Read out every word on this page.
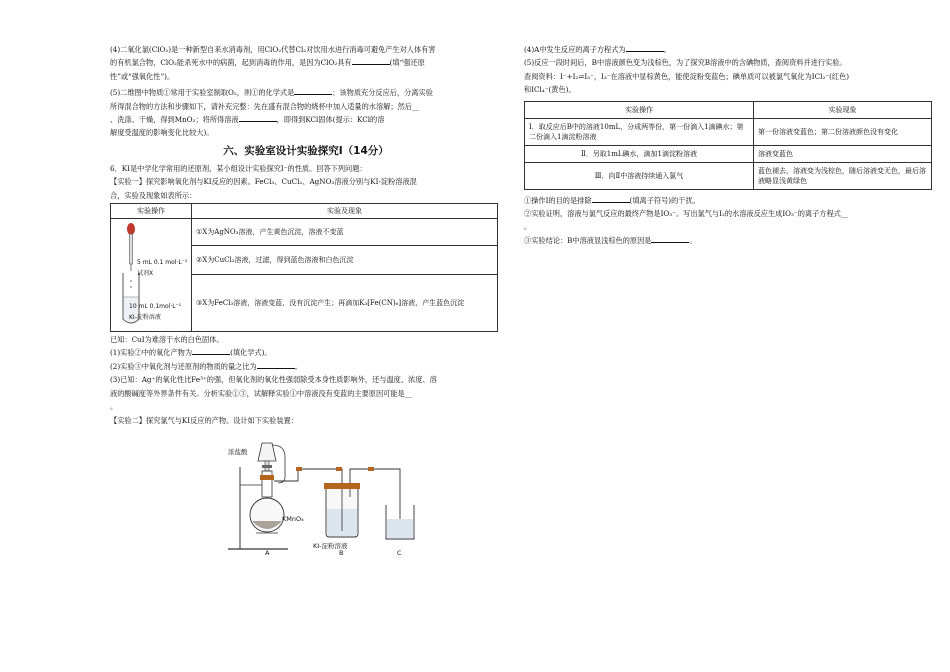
(4)二氧化氯(ClO₂)是一种新型自来水消毒剂，用ClO₂代替Cl₂对饮用水进行消毒可避免产生对人体有害

的有机氯合物，ClO₂能杀死水中的病菌，起到消毒的作用，是因为ClO₂具有	(填“强还原

性”或“强氧化性”)。

(5)二维图中物质①常用于实验室制取O₂，则①的化学式是	；该物质充分反应后，分离实验

所得混合物的方法和步骤如下，请补充完整：先在盛有混合物的烧杯中加入适量的水溶解；然后__

、洗涤、干燥，得到MnO₂；将所得溶液	，即得到KCl固体(提示：KCl的溶

解度受温度的影响变化比较大)。

六、实验室设计实验探究Ⅰ（14分）

6．KI是中学化学常用的还原剂，某小组设计实验探究I⁻的性质。回答下列问题：

【实验一】探究影响氧化剂与KI反应的因素。FeCl₃、CuCl₂、AgNO₃溶液分别与KI-淀粉溶液混

合，实验及现象如表所示：

实验操作	实验及现象

5 mL 0.1 mol·L⁻¹
试剂X
10 mL 0.1mol·L⁻¹
KI-淀粉溶液	①X为AgNO₃溶液，产生黄色沉淀，溶液不变蓝
	②X为CuCl₂溶液，过滤，得到蓝色溶液和白色沉淀
	③X为FeCl₃溶液，溶液变蓝，没有沉淀产生；再滴加K₃[Fe(CN)₆]溶液，产生蓝色沉淀

已知：CuI为难溶于水的白色固体。

(1)实验②中的氧化产物为	(填化学式)。

(2)实验③中氧化剂与还原剂的物质的量之比为	。

(3)已知：Ag⁺的氧化性比Fe³⁺的强，但氧化剂的氧化性强弱除受本身性质影响外，还与温度、浓度、溶

液的酸碱度等外界条件有关。分析实验①③，试解释实验①中溶液没有变蓝的主要原因可能是__

。

【实验二】探究氯气与KI反应的产物。设计如下实验装置：

浓盐酸
KMnO₄
KI-淀粉溶液
A	B	C

(4)A中发生反应的离子方程式为	。

(5)反应一段时间后，B中溶液颜色变为浅棕色，为了探究B溶液中的含碘物质，查阅资料并进行实验。

查阅资料：I⁻+I₂⇌I₃⁻，I₃⁻在溶液中显棕黄色，能使淀粉变蓝色；碘单质可以被氯气氧化为ICl₂⁻(红色)

和ICl₄⁻(黄色)。

实验操作	实验现象
Ⅰ．取反应后B中的溶液10mL，分成两等份，第一份滴入1滴碘水；第二份滴入1滴淀粉溶液	第一份溶液变蓝色；第二份溶液颜色没有变化
Ⅱ．另取1mL碘水，滴加1滴淀粉溶液	溶液变蓝色
Ⅲ．向Ⅱ中溶液持续通入氯气	蓝色褪去，溶液变为浅棕色，随后溶液变无色，最后溶液略显浅黄绿色

①操作Ⅰ的目的是排除	(填离子符号)的干扰。

②实验证明，溶液与氯气反应的最终产物是IO₃⁻。写出氯气与I₂的水溶液反应生成IO₃⁻的离子方程式__

。

③实验结论：B中溶液显浅棕色的原因是	。
